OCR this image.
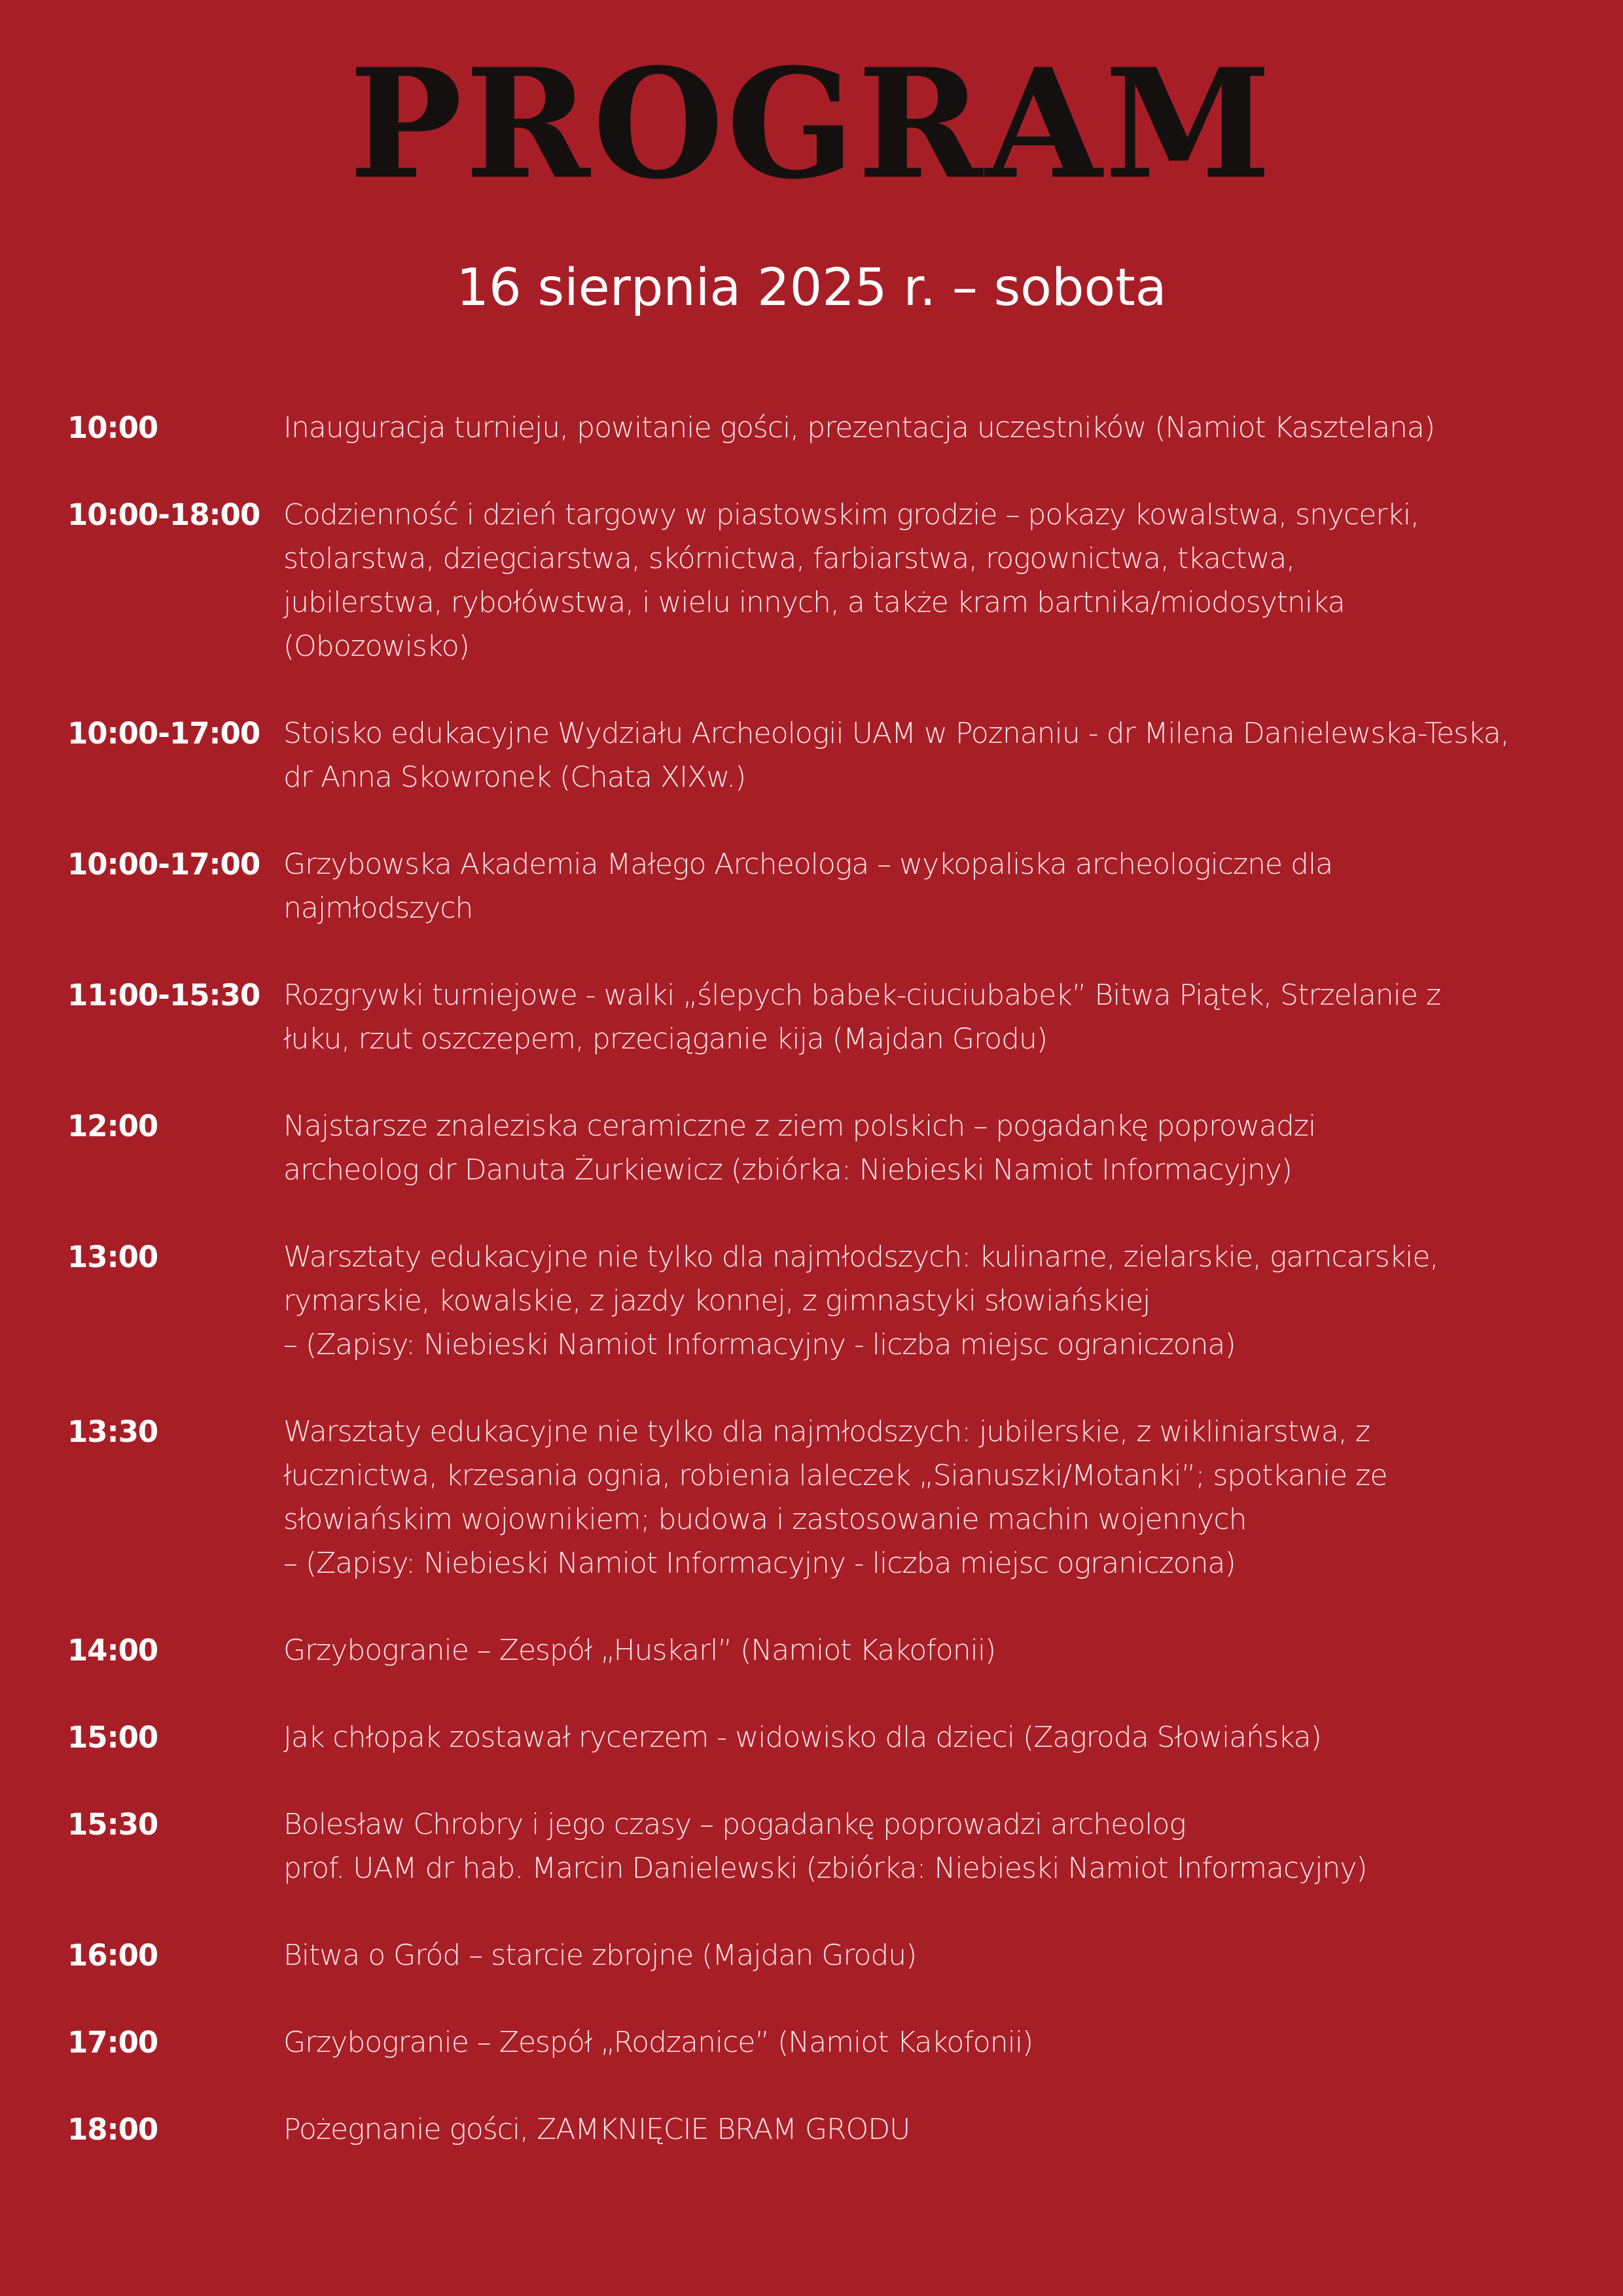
PROGRAM
16 sierpnia 2025 r. – sobota
10:00	Inauguracja turnieju, powitanie gości, prezentacja uczestników (Namiot Kasztelana)
10:00-18:00 Codzienność i dzień targowy w piastowskim grodzie – pokazy kowalstwa, snycerki,
stolarstwa, dziegciarstwa, skórnictwa, farbiarstwa, rogownictwa, tkactwa,
jubilerstwa, rybołówstwa, i wielu innych, a także kram bartnika/miodosytnika
(Obozowisko)
10:00-17:00 Stoisko edukacyjne Wydziału Archeologii UAM w Poznaniu - dr Milena Danielewska-Teska,
dr Anna Skowronek (Chata XIXw.)
10:00-17:00 Grzybowska Akademia Małego Archeologa – wykopaliska archeologiczne dla
najmłodszych
11:00-15:30 Rozgrywki turniejowe - walki „ślepych babek-ciuciubabek” Bitwa Piątek, Strzelanie z
łuku, rzut oszczepem, przeciąganie kija (Majdan Grodu)
12:00	Najstarsze znaleziska ceramiczne z ziem polskich – pogadankę poprowadzi
archeolog dr Danuta Żurkiewicz (zbiórka: Niebieski Namiot Informacyjny)
13:00	Warsztaty edukacyjne nie tylko dla najmłodszych: kulinarne, zielarskie, garncarskie,
rymarskie, kowalskie, z jazdy konnej, z gimnastyki słowiańskiej
– (Zapisy: Niebieski Namiot Informacyjny - liczba miejsc ograniczona)
13:30	Warsztaty edukacyjne nie tylko dla najmłodszych: jubilerskie, z wikliniarstwa, z
łucznictwa, krzesania ognia, robienia laleczek „Sianuszki/Motanki”; spotkanie ze
słowiańskim wojownikiem; budowa i zastosowanie machin wojennych
– (Zapisy: Niebieski Namiot Informacyjny - liczba miejsc ograniczona)
14:00	Grzybogranie – Zespół „Huskarl” (Namiot Kakofonii)
15:00	Jak chłopak zostawał rycerzem - widowisko dla dzieci (Zagroda Słowiańska)
15:30	Bolesław Chrobry i jego czasy – pogadankę poprowadzi archeolog
prof. UAM dr hab. Marcin Danielewski (zbiórka: Niebieski Namiot Informacyjny)
16:00	Bitwa o Gród – starcie zbrojne (Majdan Grodu)
17:00	Grzybogranie – Zespół „Rodzanice” (Namiot Kakofonii)
18:00	Pożegnanie gości, ZAMKNIĘCIE BRAM GRODU
